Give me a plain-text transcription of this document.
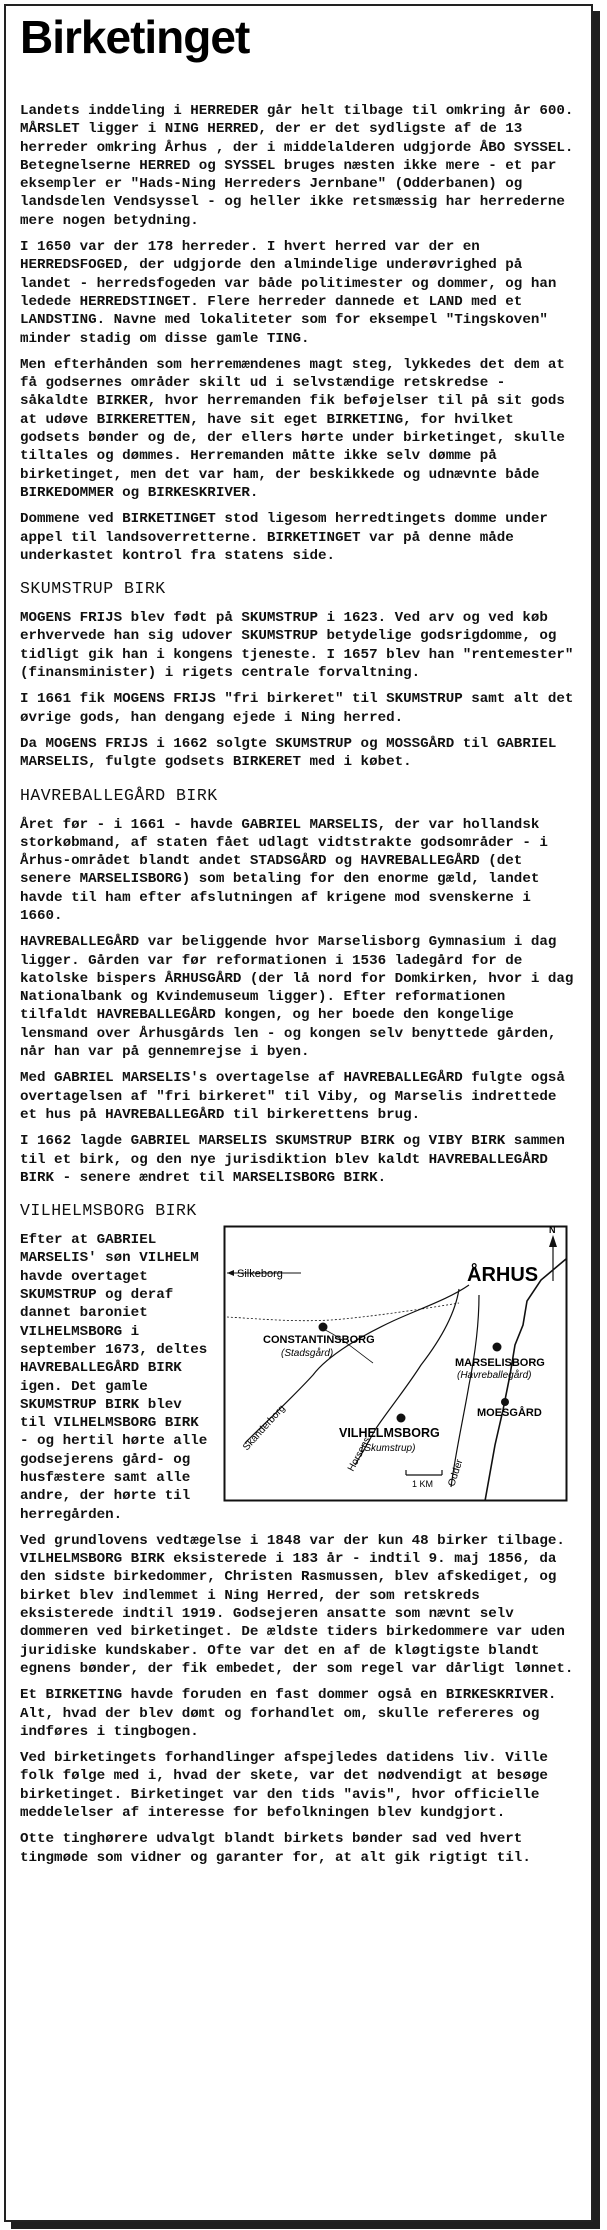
Birketinget

Landets inddeling i HERREDER går helt tilbage til omkring år 600. MÅRSLET ligger i NING HERRED, der er det sydligste af de 13 herreder omkring Århus , der i middelalderen udgjorde ÅBO SYSSEL. Betegnelserne HERRED og SYSSEL bruges næsten ikke mere - et par eksempler er "Hads-Ning Herreders Jernbane" (Odderbanen) og landsdelen Vendsyssel - og heller ikke retsmæssig har herrederne mere nogen betydning.

I 1650 var der 178 herreder. I hvert herred var der en HERREDSFOGED, der udgjorde den almindelige underøvrighed på landet - herredsfogeden var både politimester og dommer, og han ledede HERREDSTINGET. Flere herreder dannede et LAND med et LANDSTING. Navne med lokaliteter som for eksempel "Tingskoven" minder stadig om disse gamle TING.

Men efterhånden som herremændenes magt steg, lykkedes det dem at få godsernes områder skilt ud i selvstændige retskredse - såkaldte BIRKER, hvor herremanden fik beføjelser til på sit gods at udøve BIRKERETTEN, have sit eget BIRKETING, for hvilket godsets bønder og de, der ellers hørte under birketinget, skulle tiltales og dømmes. Herremanden måtte ikke selv dømme på birketinget, men det var ham, der beskikkede og udnævnte både BIRKEDOMMER og BIRKESKRIVER.

Dommene ved BIRKETINGET stod ligesom herredtingets domme under appel til landsoverretterne. BIRKETINGET var på denne måde underkastet kontrol fra statens side.

SKUMSTRUP BIRK

MOGENS FRIJS blev født på SKUMSTRUP i 1623. Ved arv og ved køb erhvervede han sig udover SKUMSTRUP betydelige godsrigdomme, og tidligt gik han i kongens tjeneste. I 1657 blev han "rentemester" (finansminister) i rigets centrale forvaltning.

I 1661 fik MOGENS FRIJS "fri birkeret" til SKUMSTRUP samt alt det øvrige gods, han dengang ejede i Ning herred.

Da MOGENS FRIJS i 1662 solgte SKUMSTRUP og MOSSGÅRD til GABRIEL MARSELIS, fulgte godsets BIRKERET med i købet.

HAVREBALLEGÅRD BIRK

Året før - i 1661 - havde GABRIEL MARSELIS, der var hollandsk storkøbmand, af staten fået udlagt vidtstrakte godsområder - i Århus-området blandt andet STADSGÅRD og HAVREBALLEGÅRD (det senere MARSELISBORG) som betaling for den enorme gæld, landet havde til ham efter afslutningen af krigene mod svenskerne i 1660.

HAVREBALLEGÅRD var beliggende hvor Marselisborg Gymnasium i dag ligger. Gården var før reformationen i 1536 ladegård for de katolske bispers ÅRHUSGÅRD (der lå nord for Domkirken, hvor i dag Nationalbank og Kvindemuseum ligger). Efter reformationen tilfaldt HAVREBALLEGÅRD kongen, og her boede den kongelige lensmand over Århusgårds len - og kongen selv benyttede gården, når han var på gennemrejse i byen.

Med GABRIEL MARSELIS's overtagelse af HAVREBALLEGÅRD fulgte også overtagelsen af "fri birkeret" til Viby, og Marselis indrettede et hus på HAVREBALLEGÅRD til birkerettens brug.

I 1662 lagde GABRIEL MARSELIS SKUMSTRUP BIRK og VIBY BIRK sammen til et birk, og den nye jurisdiktion blev kaldt HAVREBALLEGÅRD BIRK - senere ændret til MARSELISBORG BIRK.

VILHELMSBORG BIRK

Efter at GABRIEL MARSELIS' søn VILHELM havde overtaget SKUMSTRUP og deraf dannet baroniet VILHELMSBORG i september 1673, deltes HAVREBALLEGÅRD BIRK igen. Det gamle SKUMSTRUP BIRK blev til VILHELMSBORG BIRK - og hertil hørte alle godsejerens gård- og husfæstere samt alle andre, der hørte til herregården.

N
Silkeborg	ÅRHUS
CONSTANTINSBORG
(Stadsgård)
MARSELISBORG
(Havreballegård)
MOESGÅRD
VILHELMSBORG
(Skumstrup)
Skanderborg
Horsens	Odder
1 KM

Ved grundlovens vedtægelse i 1848 var der kun 48 birker tilbage. VILHELMSBORG BIRK eksisterede i 183 år - indtil 9. maj 1856, da den sidste birkedommer, Christen Rasmussen, blev afskediget, og birket blev indlemmet i Ning Herred, der som retskreds eksisterede indtil 1919. Godsejeren ansatte som nævnt selv dommeren ved birketinget. De ældste tiders birkedommere var uden juridiske kundskaber. Ofte var det en af de kløgtigste blandt egnens bønder, der fik embedet, der som regel var dårligt lønnet.

Et BIRKETING havde foruden en fast dommer også en BIRKESKRIVER. Alt, hvad der blev dømt og forhandlet om, skulle refereres og indføres i tingbogen.

Ved birketingets forhandlinger afspejledes datidens liv. Ville folk følge med i, hvad der skete, var det nødvendigt at besøge birketinget. Birketinget var den tids "avis", hvor officielle meddelelser af interesse for befolkningen blev kundgjort.

Otte tinghørere udvalgt blandt birkets bønder sad ved hvert tingmøde som vidner og garanter for, at alt gik rigtigt til.
